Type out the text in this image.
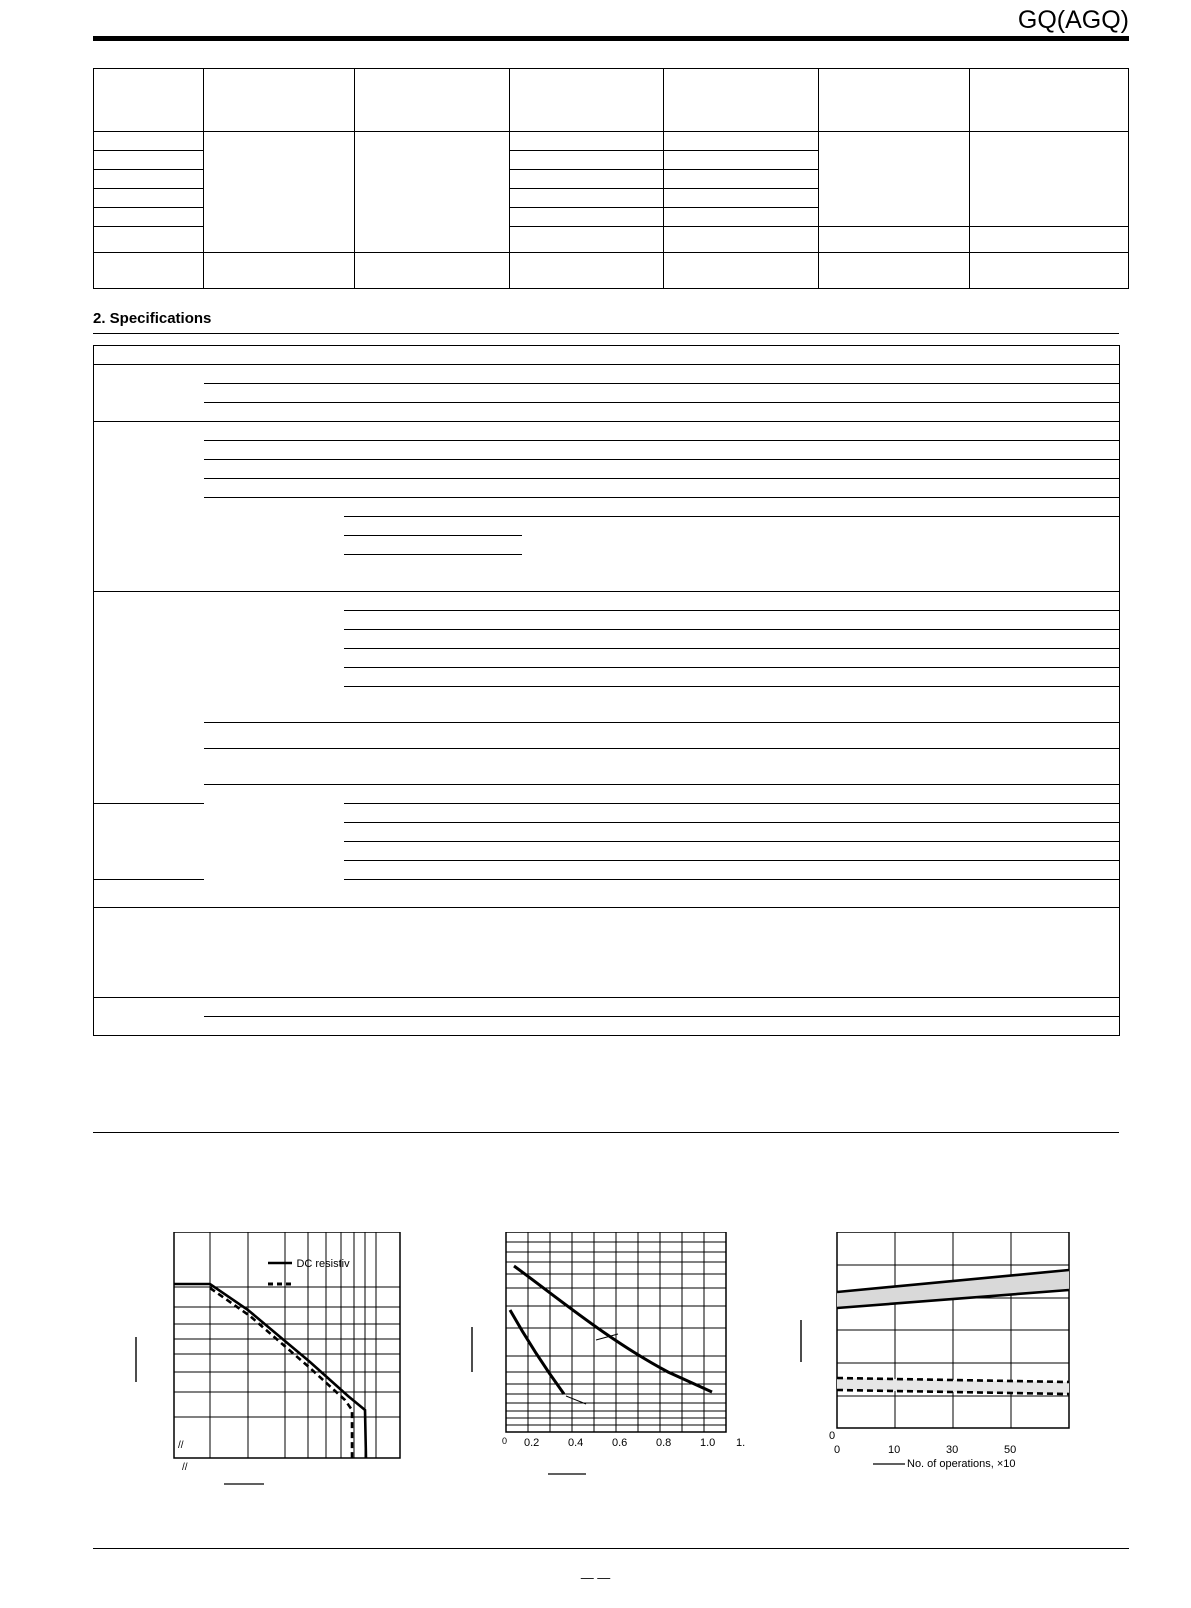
GQ(AGQ)

2. Specifications

//
//
DC resistiv
0 0.2	0.4	0.6	0.8	1.0 1.
0
0	10	30	50
No. of operations, ×10
— —
